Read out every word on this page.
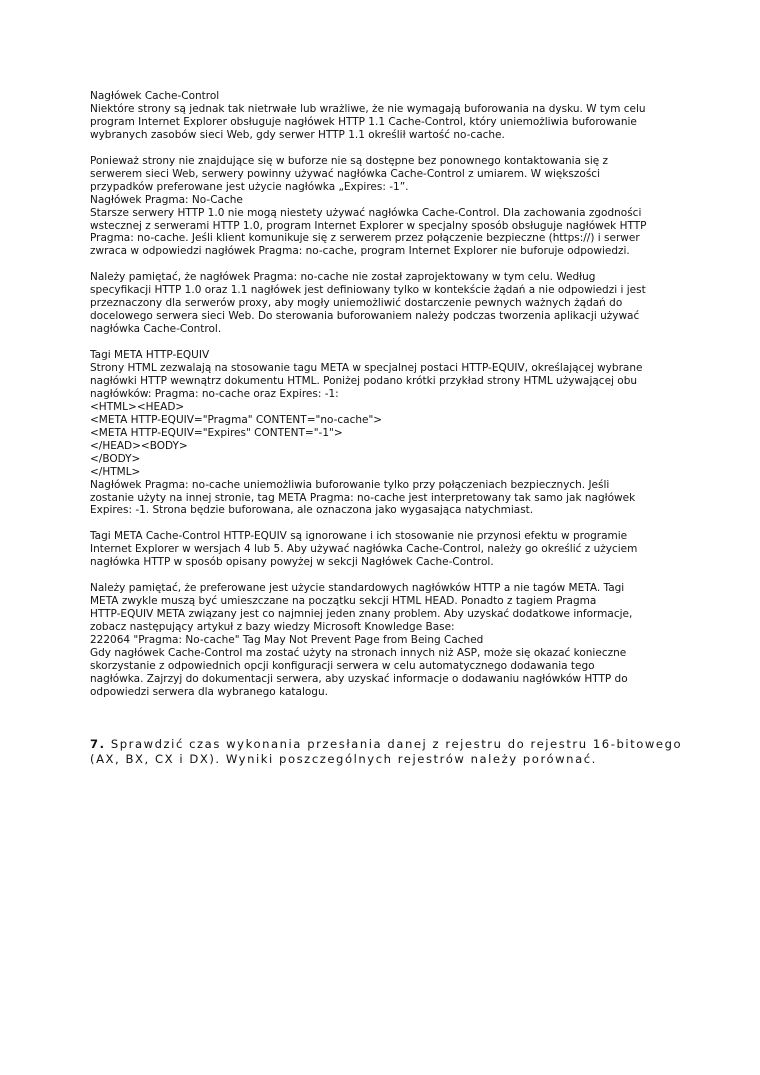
Nagłówek Cache-Control
Niektóre strony są jednak tak nietrwałe lub wrażliwe, że nie wymagają buforowania na dysku. W tym celu
program Internet Explorer obsługuje nagłówek HTTP 1.1 Cache-Control, który uniemożliwia buforowanie
wybranych zasobów sieci Web, gdy serwer HTTP 1.1 określił wartość no-cache.
Ponieważ strony nie znajdujące się w buforze nie są dostępne bez ponownego kontaktowania się z
serwerem sieci Web, serwery powinny używać nagłówka Cache-Control z umiarem. W większości
przypadków preferowane jest użycie nagłówka „Expires: -1”.
Nagłówek Pragma: No-Cache
Starsze serwery HTTP 1.0 nie mogą niestety używać nagłówka Cache-Control. Dla zachowania zgodności
wstecznej z serwerami HTTP 1.0, program Internet Explorer w specjalny sposób obsługuje nagłówek HTTP
Pragma: no-cache. Jeśli klient komunikuje się z serwerem przez połączenie bezpieczne (https://) i serwer
zwraca w odpowiedzi nagłówek Pragma: no-cache, program Internet Explorer nie buforuje odpowiedzi.
Należy pamiętać, że nagłówek Pragma: no-cache nie został zaprojektowany w tym celu. Według
specyfikacji HTTP 1.0 oraz 1.1 nagłówek jest definiowany tylko w kontekście żądań a nie odpowiedzi i jest
przeznaczony dla serwerów proxy, aby mogły uniemożliwić dostarczenie pewnych ważnych żądań do
docelowego serwera sieci Web. Do sterowania buforowaniem należy podczas tworzenia aplikacji używać
nagłówka Cache-Control.
Tagi META HTTP-EQUIV
Strony HTML zezwalają na stosowanie tagu META w specjalnej postaci HTTP-EQUIV, określającej wybrane
nagłówki HTTP wewnątrz dokumentu HTML. Poniżej podano krótki przykład strony HTML używającej obu
nagłówków: Pragma: no-cache oraz Expires: -1:
<HTML><HEAD>
<META HTTP-EQUIV="Pragma" CONTENT="no-cache">
<META HTTP-EQUIV="Expires" CONTENT="-1">
</HEAD><BODY>
</BODY>
</HTML>
Nagłówek Pragma: no-cache uniemożliwia buforowanie tylko przy połączeniach bezpiecznych. Jeśli
zostanie użyty na innej stronie, tag META Pragma: no-cache jest interpretowany tak samo jak nagłówek
Expires: -1. Strona będzie buforowana, ale oznaczona jako wygasająca natychmiast.
Tagi META Cache-Control HTTP-EQUIV są ignorowane i ich stosowanie nie przynosi efektu w programie
Internet Explorer w wersjach 4 lub 5. Aby używać nagłówka Cache-Control, należy go określić z użyciem
nagłówka HTTP w sposób opisany powyżej w sekcji Nagłówek Cache-Control.
Należy pamiętać, że preferowane jest użycie standardowych nagłówków HTTP a nie tagów META. Tagi
META zwykle muszą być umieszczane na początku sekcji HTML HEAD. Ponadto z tagiem Pragma
HTTP-EQUIV META związany jest co najmniej jeden znany problem. Aby uzyskać dodatkowe informacje,
zobacz następujący artykuł z bazy wiedzy Microsoft Knowledge Base:
222064 "Pragma: No-cache" Tag May Not Prevent Page from Being Cached
Gdy nagłówek Cache-Control ma zostać użyty na stronach innych niż ASP, może się okazać konieczne
skorzystanie z odpowiednich opcji konfiguracji serwera w celu automatycznego dodawania tego
nagłówka. Zajrzyj do dokumentacji serwera, aby uzyskać informacje o dodawaniu nagłówków HTTP do
odpowiedzi serwera dla wybranego katalogu.
7. Sprawdzić czas wykonania przesłania danej z rejestru do rejestru 16-bitowego
(AX, BX, CX i DX). Wyniki poszczególnych rejestrów należy porównać.
